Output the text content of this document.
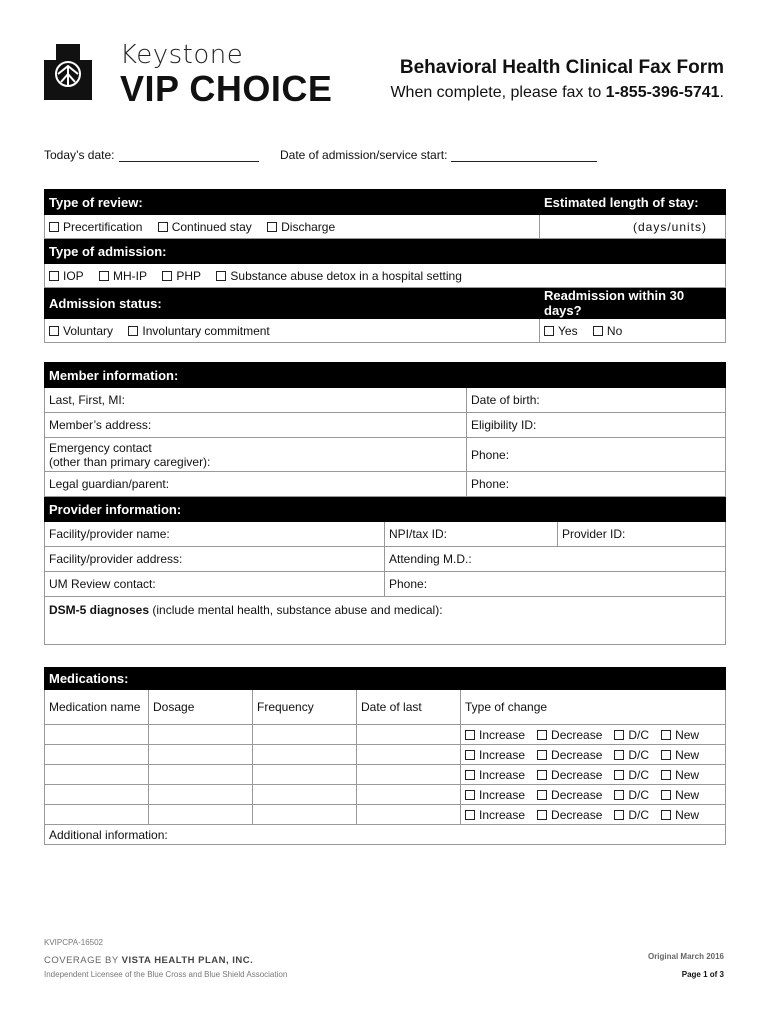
Keystone
VIP CHOICE
Behavioral Health Clinical Fax Form
When complete, please fax to 1-855-396-5741.
Today’s date:	Date of admission/service start:
Type of review:	Estimated length of stay:
Precertification Continued stay Discharge	(days/units)
Type of admission:	
IOP MH-IP PHP Substance abuse detox in a hospital setting	
Admission status:	Readmission within 30 days?
Voluntary Involuntary commitment	Yes No
Member information:			
Last, First, MI:		Date of birth:	
Member’s address:		Eligibility ID:	
Emergency contact
(other than primary caregiver):		Phone:	
Legal guardian/parent:		Phone:	
Provider information:			
Facility/provider name:	NPI/tax ID:		Provider ID:
Facility/provider address:	Attending M.D.:		
UM Review contact:	Phone:		
DSM-5 diagnoses (include mental health, substance abuse and medical):			
Medications:				
Medication name	Dosage	Frequency	Date of last	Type of change
				Increase Decrease D/C New
				Increase Decrease D/C New
				Increase Decrease D/C New
				Increase Decrease D/C New
				Increase Decrease D/C New
Additional information:				
KVIPCPA-16502
COVERAGE BY VISTA HEALTH PLAN, INC.
Independent Licensee of the Blue Cross and Blue Shield Association
Original March 2016
Page 1 of 3
